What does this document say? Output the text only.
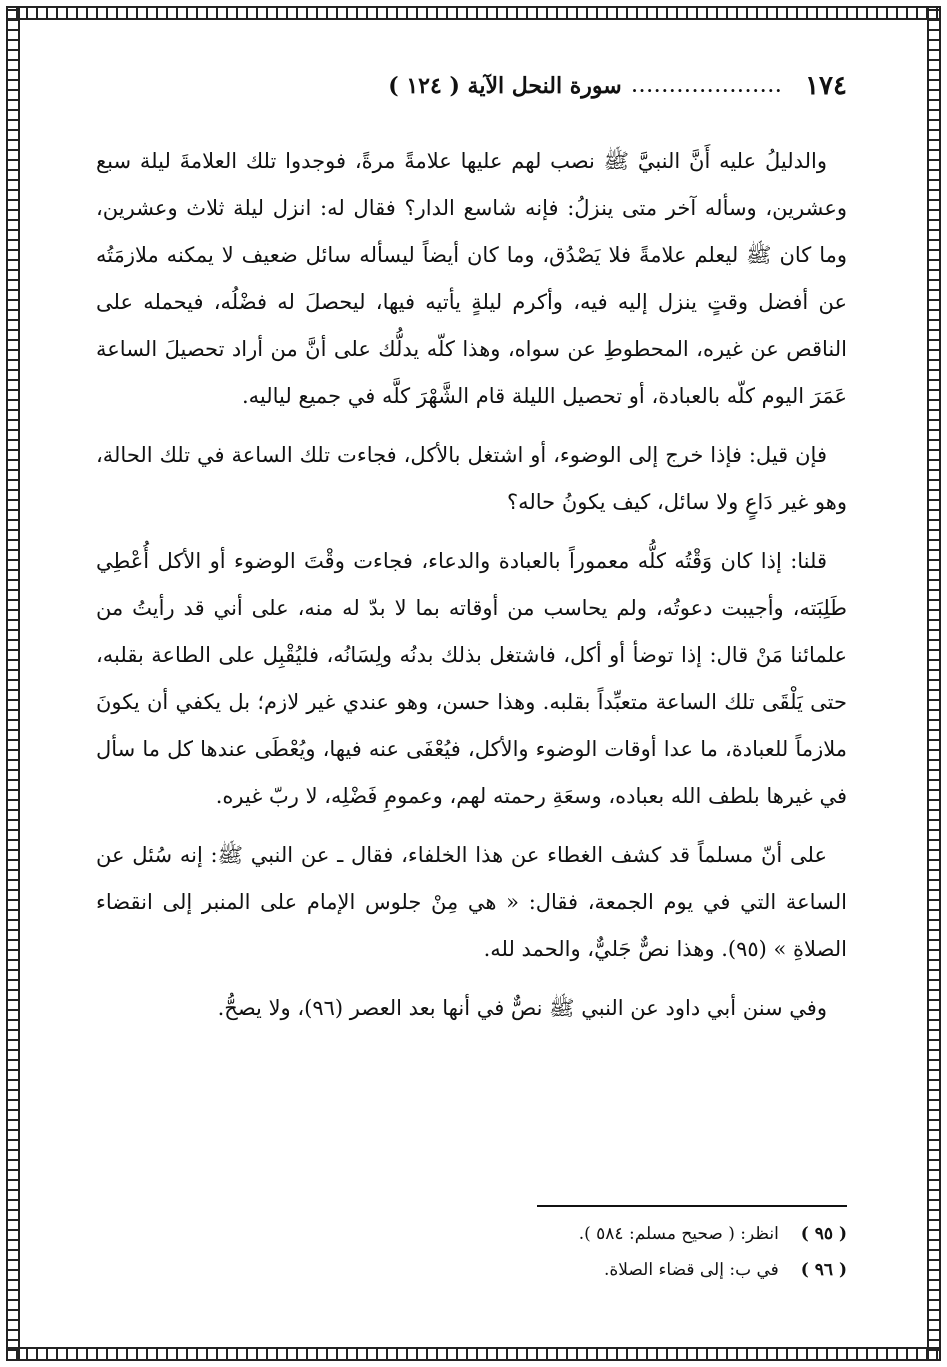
١٧٤
....................
سورة النحل الآية ( ١٢٤ )

والدليلُ عليه أَنَّ النبيَّ ﷺ نصب لهم عليها علامةً مرةً، فوجدوا تلك العلامةَ ليلة سبع وعشرين، وسأله آخر متى ينزلُ: فإنه شاسع الدار؟ فقال له: انزل ليلة ثلاث وعشرين، وما كان ﷺ ليعلم علامةً فلا يَصْدُق، وما كان أيضاً ليسأله سائل ضعيف لا يمكنه ملازمَتُه عن أفضل وقتٍ ينزل إليه فيه، وأكرم ليلةٍ يأتيه فيها، ليحصلَ له فضْلُه، فيحمله على الناقص عن غيره، المحطوطِ عن سواه، وهذا كلّه يدلُّك على أنَّ من أراد تحصيلَ الساعة عَمَرَ اليوم كلّه بالعبادة، أو تحصيل الليلة قام الشَّهْرَ كلَّه في جميع لياليه.

فإن قيل: فإذا خرج إلى الوضوء، أو اشتغل بالأكل، فجاءت تلك الساعة في تلك الحالة، وهو غير دَاعٍ ولا سائل، كيف يكونُ حاله؟

قلنا: إذا كان وَقْتُه كلُّه معموراً بالعبادة والدعاء، فجاءت وقْتَ الوضوء أو الأكل أُعْطِي طَلِبَته، وأجيبت دعوتُه، ولم يحاسب من أوقاته بما لا بدّ له منه، على أني قد رأيتُ من علمائنا مَنْ قال: إذا توضأ أو أكل، فاشتغل بذلك بدنُه ولِسَانُه، فليُقْبِل على الطاعة بقلبه، حتى يَلْقَى تلك الساعة متعبِّداً بقلبه. وهذا حسن، وهو عندي غير لازم؛ بل يكفي أن يكونَ ملازماً للعبادة، ما عدا أوقات الوضوء والأكل، فيُعْفَى عنه فيها، ويُعْطَى عندها كل ما سأل في غيرها بلطف الله بعباده، وسعَةِ رحمته لهم، وعمومِ فَضْلِه، لا ربّ غيره.

على أنّ مسلماً قد كشف الغطاء عن هذا الخلفاء، فقال ـ عن النبي ﷺ: إنه سُئل عن الساعة التي في يوم الجمعة، فقال: « هي مِنْ جلوس الإمام على المنبر إلى انقضاء الصلاةِ » (٩٥). وهذا نصٌّ جَليٌّ، والحمد لله.

وفي سنن أبي داود عن النبي ﷺ نصٌّ في أنها بعد العصر (٩٦)، ولا يصحُّ.

( ٩٥ )
انظر: ( صحيح مسلم: ٥٨٤ ).
( ٩٦ )
في ب: إلى قضاء الصلاة.
